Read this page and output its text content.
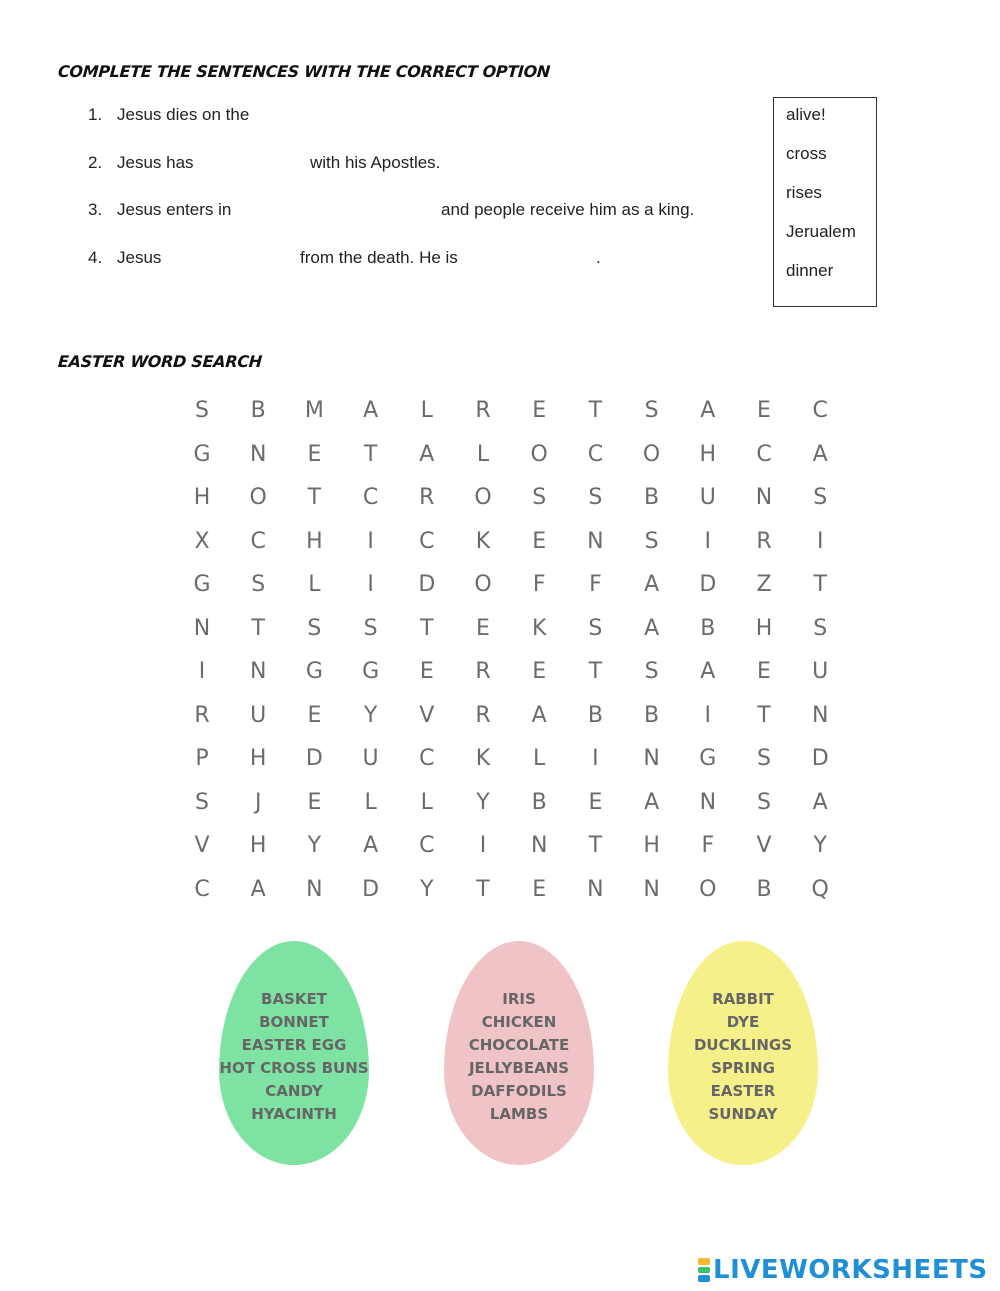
COMPLETE THE SENTENCES WITH THE CORRECT OPTION
1. Jesus dies on the
2. Jesus has	with his Apostles.
3. Jesus enters in	and people receive him as a king.
4. Jesus	from the death. He is	.
alive!
cross
rises
Jerualem
dinner
EASTER WORD SEARCH
S	B	M	A	L	R	E	T	S	A	E	C
G	N	E	T	A	L	O	C	O	H	C	A
H	O	T	C	R	O	S	S	B	U	N	S
X	C	H	I	C	K	E	N	S	I	R	I
G	S	L	I	D	O	F	F	A	D	Z	T
N	T	S	S	T	E	K	S	A	B	H	S
I	N	G	G	E	R	E	T	S	A	E	U
R	U	E	Y	V	R	A	B	B	I	T	N
P	H	D	U	C	K	L	I	N	G	S	D
S	J	E	L	L	Y	B	E	A	N	S	A
V	H	Y	A	C	I	N	T	H	F	V	Y
C	A	N	D	Y	T	E	N	N	O	B	Q
BASKET
BONNET
EASTER EGG
HOT CROSS BUNS
CANDY
HYACINTH
IRIS
CHICKEN
CHOCOLATE
JELLYBEANS
DAFFODILS
LAMBS
RABBIT
DYE
DUCKLINGS
SPRING
EASTER
SUNDAY
LIVEWORKSHEETS
